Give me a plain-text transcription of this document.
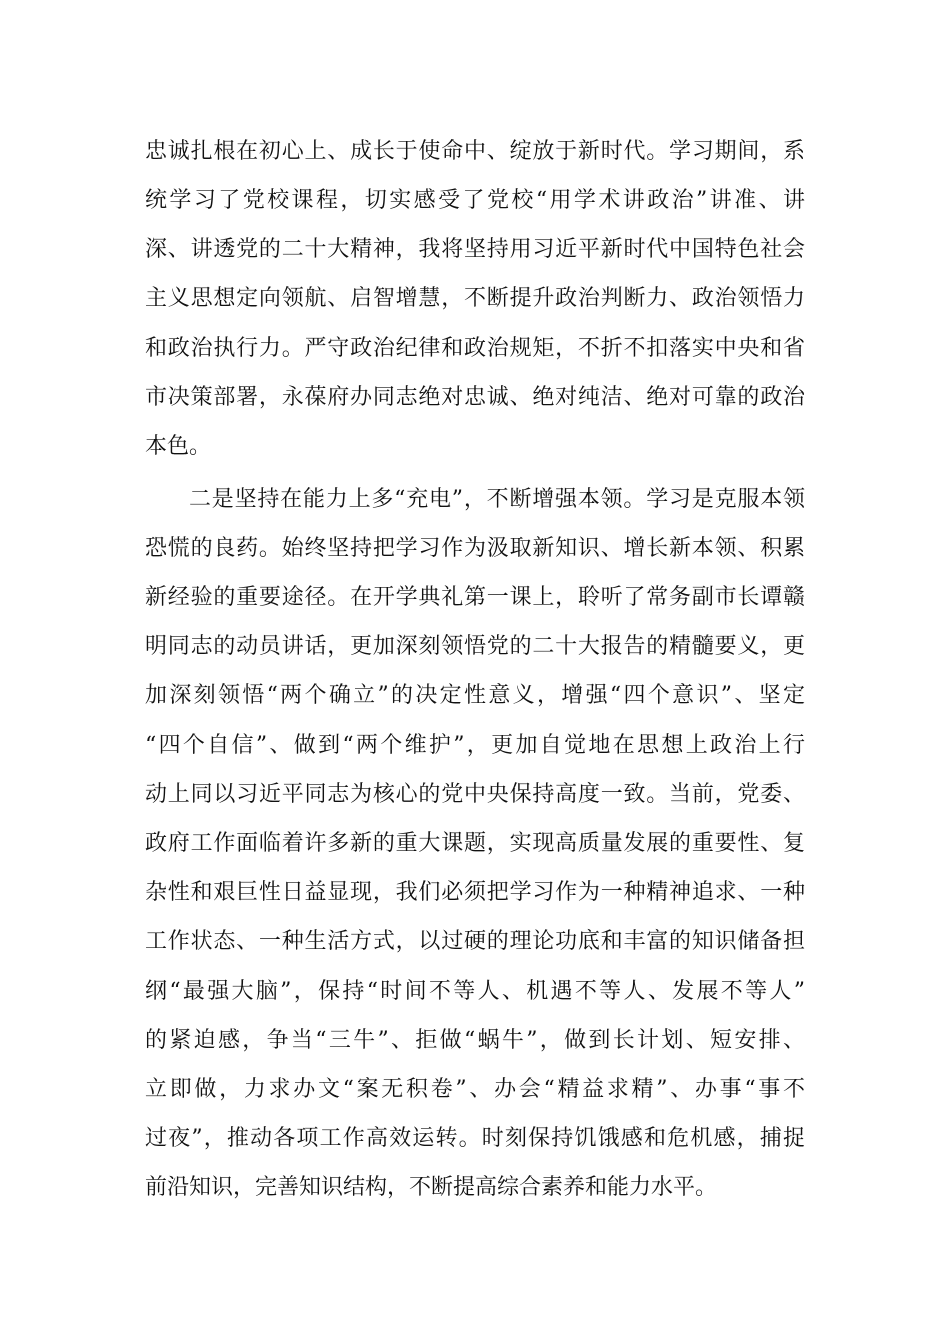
忠诚扎根在初心上、成长于使命中、绽放于新时代。学习期间，系
统学习了党校课程，切实感受了党校“用学术讲政治”讲准、讲
深、讲透党的二十大精神，我将坚持用习近平新时代中国特色社会
主义思想定向领航、启智增慧，不断提升政治判断力、政治领悟力
和政治执行力。严守政治纪律和政治规矩，不折不扣落实中央和省
市决策部署，永葆府办同志绝对忠诚、绝对纯洁、绝对可靠的政治
本色。
二是坚持在能力上多“充电”，不断增强本领。学习是克服本领
恐慌的良药。始终坚持把学习作为汲取新知识、增长新本领、积累
新经验的重要途径。在开学典礼第一课上，聆听了常务副市长谭赣
明同志的动员讲话，更加深刻领悟党的二十大报告的精髓要义，更
加深刻领悟“两个确立”的决定性意义，增强“四个意识”、坚定
“四个自信”、做到“两个维护”，更加自觉地在思想上政治上行
动上同以习近平同志为核心的党中央保持高度一致。当前，党委、
政府工作面临着许多新的重大课题，实现高质量发展的重要性、复
杂性和艰巨性日益显现，我们必须把学习作为一种精神追求、一种
工作状态、一种生活方式，以过硬的理论功底和丰富的知识储备担
纲“最强大脑”，保持“时间不等人、机遇不等人、发展不等人”
的紧迫感，争当“三牛”、拒做“蜗牛”，做到长计划、短安排、
立即做，力求办文“案无积卷”、办会“精益求精”、办事“事不
过夜”，推动各项工作高效运转。时刻保持饥饿感和危机感，捕捉
前沿知识，完善知识结构，不断提高综合素养和能力水平。
